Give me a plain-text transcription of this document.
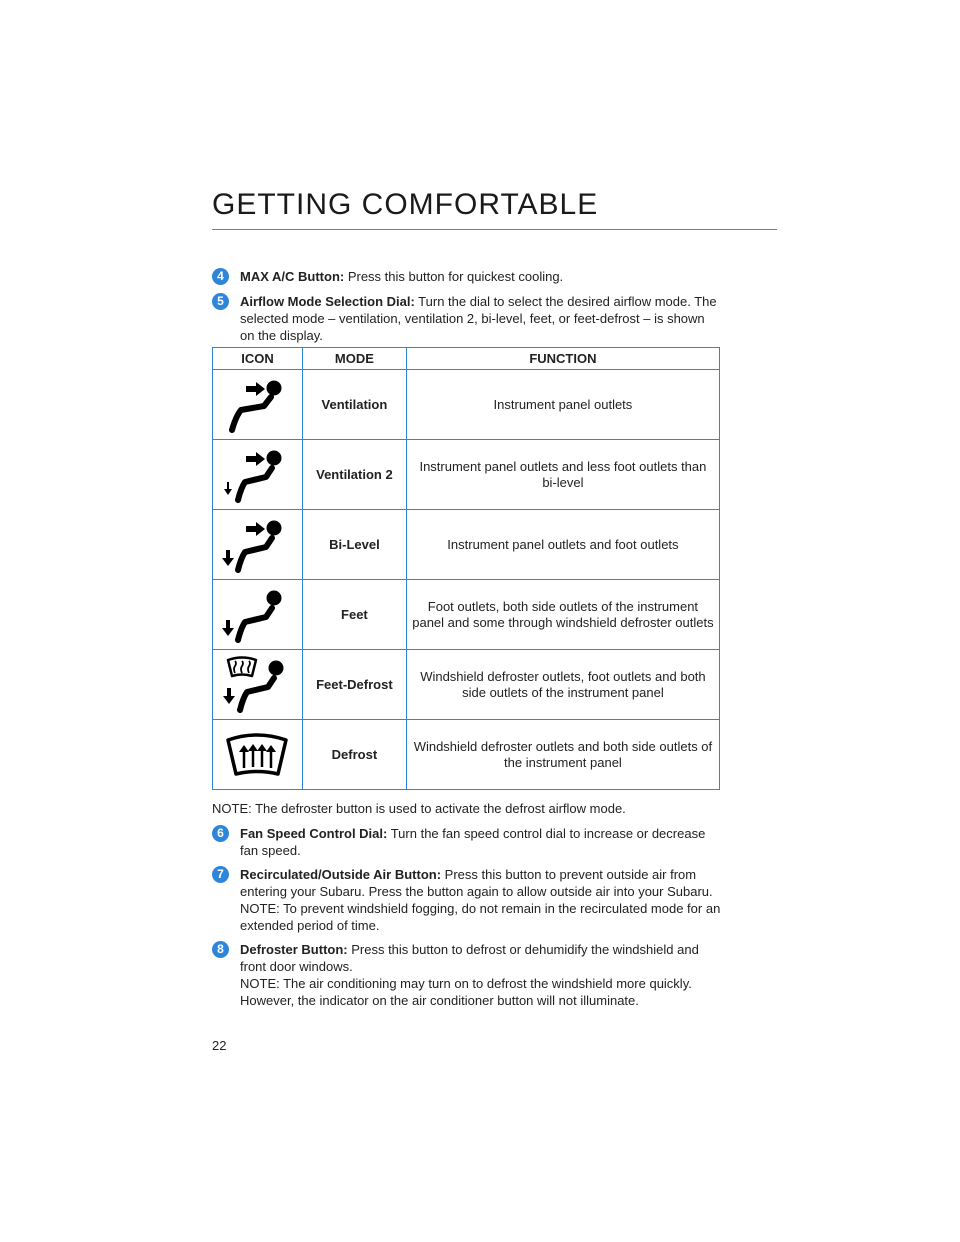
GETTING COMFORTABLE
4	MAX A/C Button: Press this button for quickest cooling.
5	Airflow Mode Selection Dial: Turn the dial to select the desired airflow mode. The selected mode – ventilation, ventilation 2, bi-level, feet, or feet-defrost – is shown on the display.
ICON	MODE	FUNCTION

	Ventilation	Instrument panel outlets

	Ventilation 2	Instrument panel outlets and less foot outlets than bi-level

	Bi-Level	Instrument panel outlets and foot outlets

	Feet	Foot outlets, both side outlets of the instrument panel and some through windshield defroster outlets

	Feet-Defrost	Windshield defroster outlets, foot outlets and both side outlets of the instrument panel

	Defrost	Windshield defroster outlets and both side outlets of the instrument panel
NOTE: The defroster button is used to activate the defrost airflow mode.
6	Fan Speed Control Dial: Turn the fan speed control dial to increase or decrease fan speed.
7	Recirculated/Outside Air Button: Press this button to prevent outside air from entering your Subaru. Press the button again to allow outside air into your Subaru.
NOTE: To prevent windshield fogging, do not remain in the recirculated mode for an extended period of time.
8	Defroster Button: Press this button to defrost or dehumidify the windshield and front door windows.
NOTE: The air conditioning may turn on to defrost the windshield more quickly. However, the indicator on the air conditioner button will not illuminate.
22
